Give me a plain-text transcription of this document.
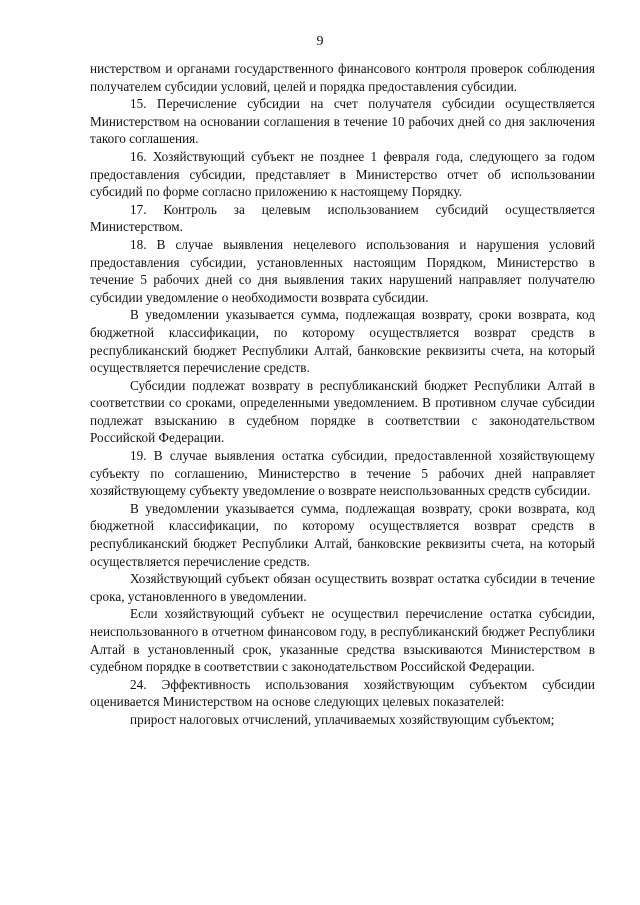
9

нистерством и органами государственного финансового контроля проверок соблюдения получателем субсидии условий, целей и порядка предоставления субсидии.

15. Перечисление субсидии на счет получателя субсидии осуществляется Министерством на основании соглашения в течение 10 рабочих дней со дня заключения такого соглашения.

16. Хозяйствующий субъект не позднее 1 февраля года, следующего за годом предоставления субсидии, представляет в Министерство отчет об использовании субсидий по форме согласно приложению к настоящему Порядку.

17. Контроль за целевым использованием субсидий осуществляется Министерством.

18. В случае выявления нецелевого использования и нарушения условий предоставления субсидии, установленных настоящим Порядком, Министерство в течение 5 рабочих дней со дня выявления таких нарушений направляет получателю субсидии уведомление о необходимости возврата субсидии.

В уведомлении указывается сумма, подлежащая возврату, сроки возврата, код бюджетной классификации, по которому осуществляется возврат средств в республиканский бюджет Республики Алтай, банковские реквизиты счета, на который осуществляется перечисление средств.

Субсидии подлежат возврату в республиканский бюджет Республики Алтай в соответствии со сроками, определенными уведомлением. В противном случае субсидии подлежат взысканию в судебном порядке в соответствии с законодательством Российской Федерации.

19. В случае выявления остатка субсидии, предоставленной хозяйствующему субъекту по соглашению, Министерство в течение 5 рабочих дней направляет хозяйствующему субъекту уведомление о возврате неиспользованных средств субсидии.

В уведомлении указывается сумма, подлежащая возврату, сроки возврата, код бюджетной классификации, по которому осуществляется возврат средств в республиканский бюджет Республики Алтай, банковские реквизиты счета, на который осуществляется перечисление средств.

Хозяйствующий субъект обязан осуществить возврат остатка субсидии в течение срока, установленного в уведомлении.

Если хозяйствующий субъект не осуществил перечисление остатка субсидии, неиспользованного в отчетном финансовом году, в республиканский бюджет Республики Алтай в установленный срок, указанные средства взыскиваются Министерством в судебном порядке в соответствии с законодательством Российской Федерации.

24. Эффективность использования хозяйствующим субъектом субсидии оценивается Министерством на основе следующих целевых показателей:

прирост налоговых отчислений, уплачиваемых хозяйствующим субъектом;
